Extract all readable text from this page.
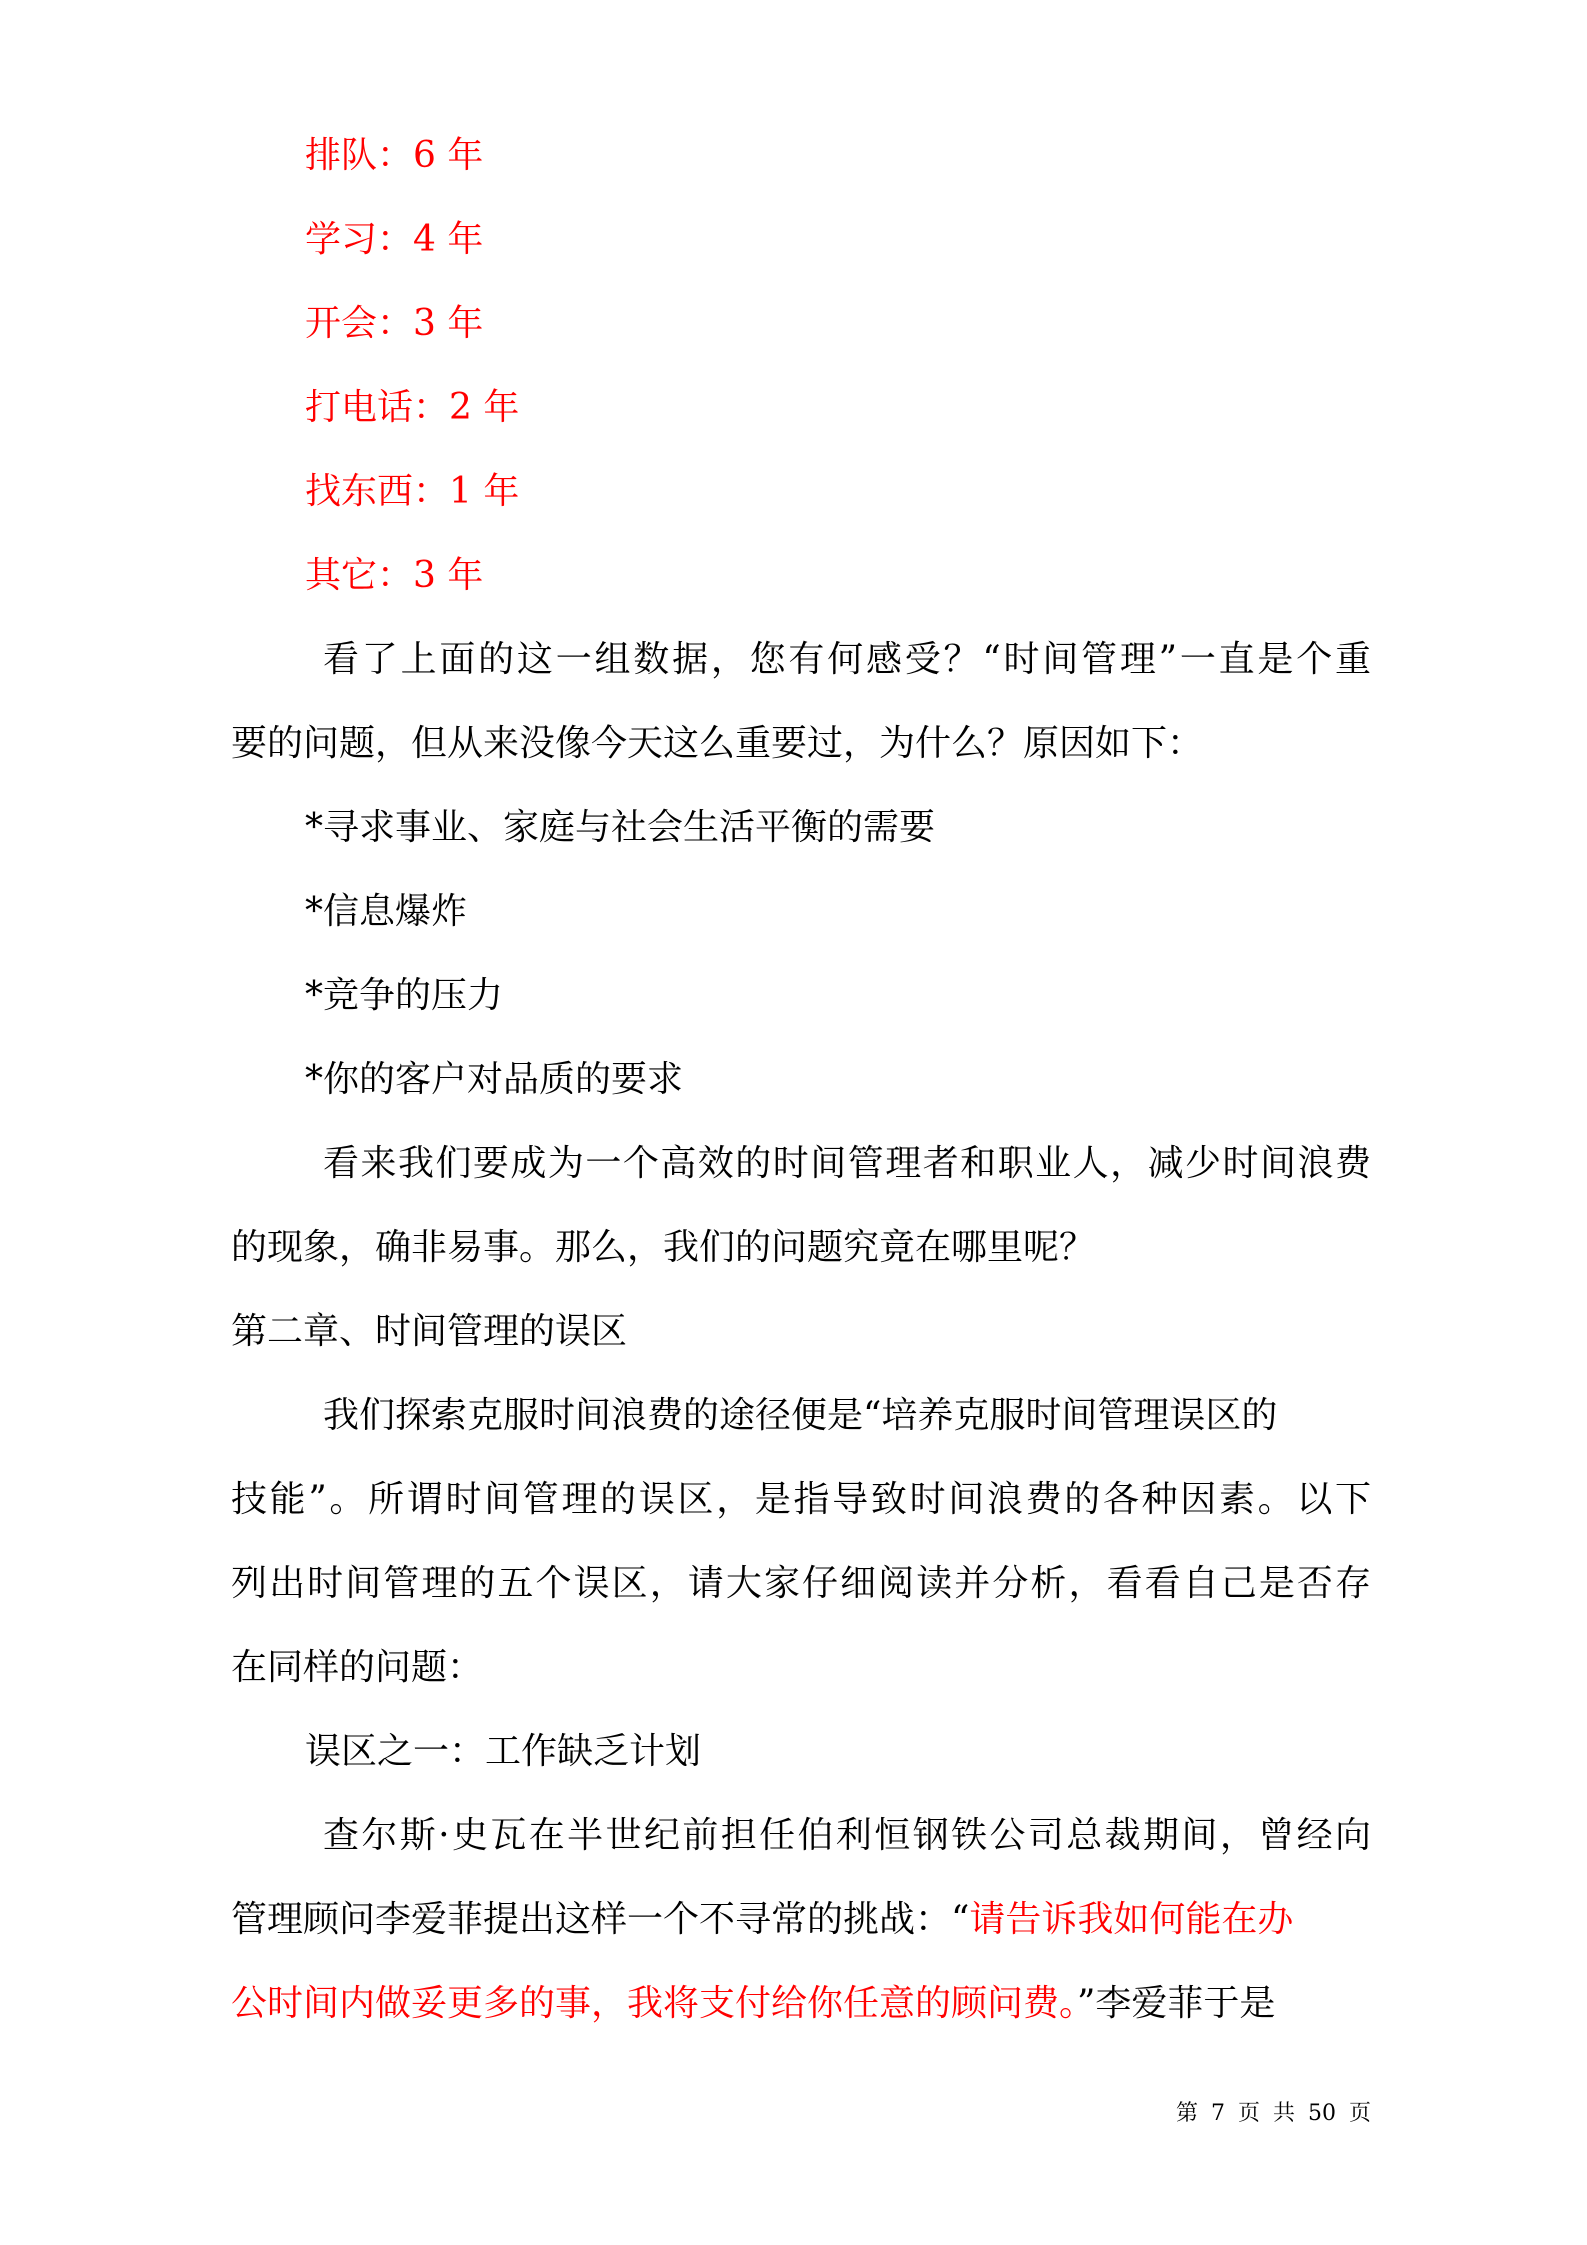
排队：6 年
学习：4 年
开会：3 年
打电话：2 年
找东西：1 年
其它：3 年
看了上面的这一组数据，您有何感受？“时间管理”一直是个重
要的问题，但从来没像今天这么重要过，为什么？原因如下：
*寻求事业、家庭与社会生活平衡的需要
*信息爆炸
*竞争的压力
*你的客户对品质的要求
看来我们要成为一个高效的时间管理者和职业人，减少时间浪费
的现象，确非易事。那么，我们的问题究竟在哪里呢？
第二章、时间管理的误区
我们探索克服时间浪费的途径便是“培养克服时间管理误区的
技能”。所谓时间管理的误区，是指导致时间浪费的各种因素。以下
列出时间管理的五个误区，请大家仔细阅读并分析，看看自己是否存
在同样的问题：
误区之一：工作缺乏计划
查尔斯·史瓦在半世纪前担任伯利恒钢铁公司总裁期间，曾经向
管理顾问李爱菲提出这样一个不寻常的挑战：“请告诉我如何能在办
公时间内做妥更多的事，我将支付给你任意的顾问费。”李爱菲于是
第 7 页 共 50 页
